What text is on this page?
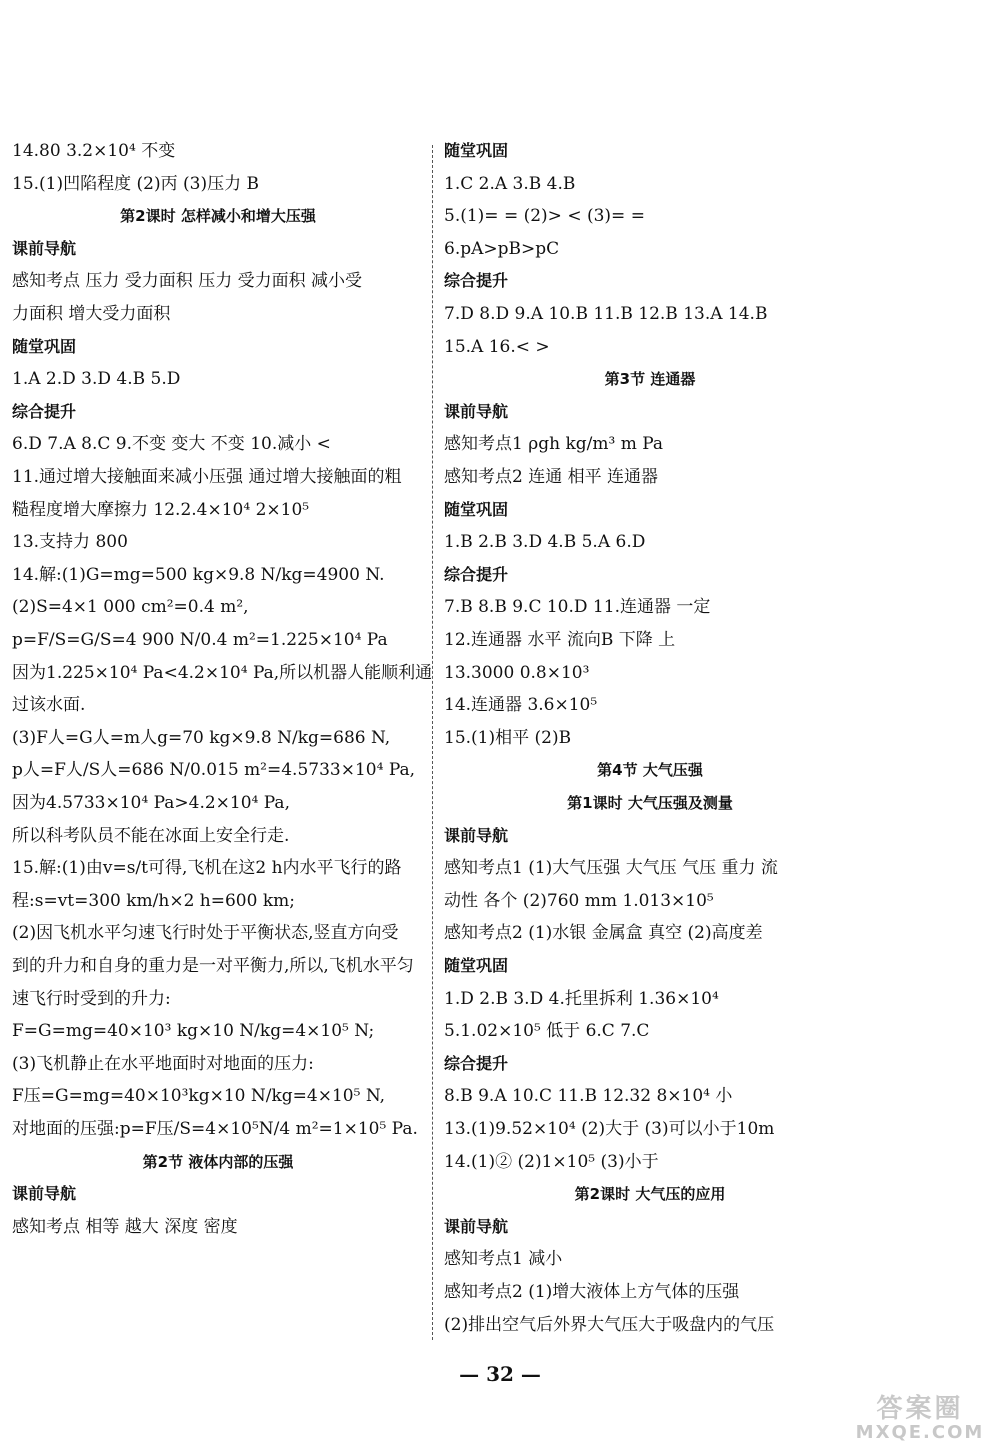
14.80 3.2×10⁴ 不变
15.(1)凹陷程度 (2)丙 (3)压力 B
第2课时 怎样减小和增大压强
课前导航
感知考点 压力 受力面积 压力 受力面积 减小受
力面积 增大受力面积
随堂巩固
1.A 2.D 3.D 4.B 5.D
综合提升
6.D 7.A 8.C 9.不变 变大 不变 10.减小 <
11.通过增大接触面来减小压强 通过增大接触面的粗
糙程度增大摩擦力 12.2.4×10⁴ 2×10⁵
13.支持力 800
14.解:(1)G=mg=500 kg×9.8 N/kg=4900 N.
(2)S=4×1 000 cm²=0.4 m²,
p=F/S=G/S=4 900 N/0.4 m²=1.225×10⁴ Pa
因为1.225×10⁴ Pa<4.2×10⁴ Pa,所以机器人能顺利通
过该水面.
(3)F人=G人=m人g=70 kg×9.8 N/kg=686 N,
p人=F人/S人=686 N/0.015 m²=4.5733×10⁴ Pa,
因为4.5733×10⁴ Pa>4.2×10⁴ Pa,
所以科考队员不能在冰面上安全行走.
15.解:(1)由v=s/t可得,飞机在这2 h内水平飞行的路
程:s=vt=300 km/h×2 h=600 km;
(2)因飞机水平匀速飞行时处于平衡状态,竖直方向受
到的升力和自身的重力是一对平衡力,所以,飞机水平匀
速飞行时受到的升力:
F=G=mg=40×10³ kg×10 N/kg=4×10⁵ N;
(3)飞机静止在水平地面时对地面的压力:
F压=G=mg=40×10³kg×10 N/kg=4×10⁵ N,
对地面的压强:p=F压/S=4×10⁵N/4 m²=1×10⁵ Pa.
第2节 液体内部的压强
课前导航
感知考点 相等 越大 深度 密度
随堂巩固
1.C 2.A 3.B 4.B
5.(1)= = (2)> < (3)= =
6.pA>pB>pC
综合提升
7.D 8.D 9.A 10.B 11.B 12.B 13.A 14.B
15.A 16.< >
第3节 连通器
课前导航
感知考点1 ρgh kg/m³ m Pa
感知考点2 连通 相平 连通器
随堂巩固
1.B 2.B 3.D 4.B 5.A 6.D
综合提升
7.B 8.B 9.C 10.D 11.连通器 一定
12.连通器 水平 流向B 下降 上
13.3000 0.8×10³
14.连通器 3.6×10⁵
15.(1)相平 (2)B
第4节 大气压强
第1课时 大气压强及测量
课前导航
感知考点1 (1)大气压强 大气压 气压 重力 流
动性 各个 (2)760 mm 1.013×10⁵
感知考点2 (1)水银 金属盒 真空 (2)高度差
随堂巩固
1.D 2.B 3.D 4.托里拆利 1.36×10⁴
5.1.02×10⁵ 低于 6.C 7.C
综合提升
8.B 9.A 10.C 11.B 12.32 8×10⁴ 小
13.(1)9.52×10⁴ (2)大于 (3)可以小于10m
14.(1)② (2)1×10⁵ (3)小于
第2课时 大气压的应用
课前导航
感知考点1 减小
感知考点2 (1)增大液体上方气体的压强
(2)排出空气后外界大气压大于吸盘内的气压
— 32 —
答案圈
MXQE.COM
